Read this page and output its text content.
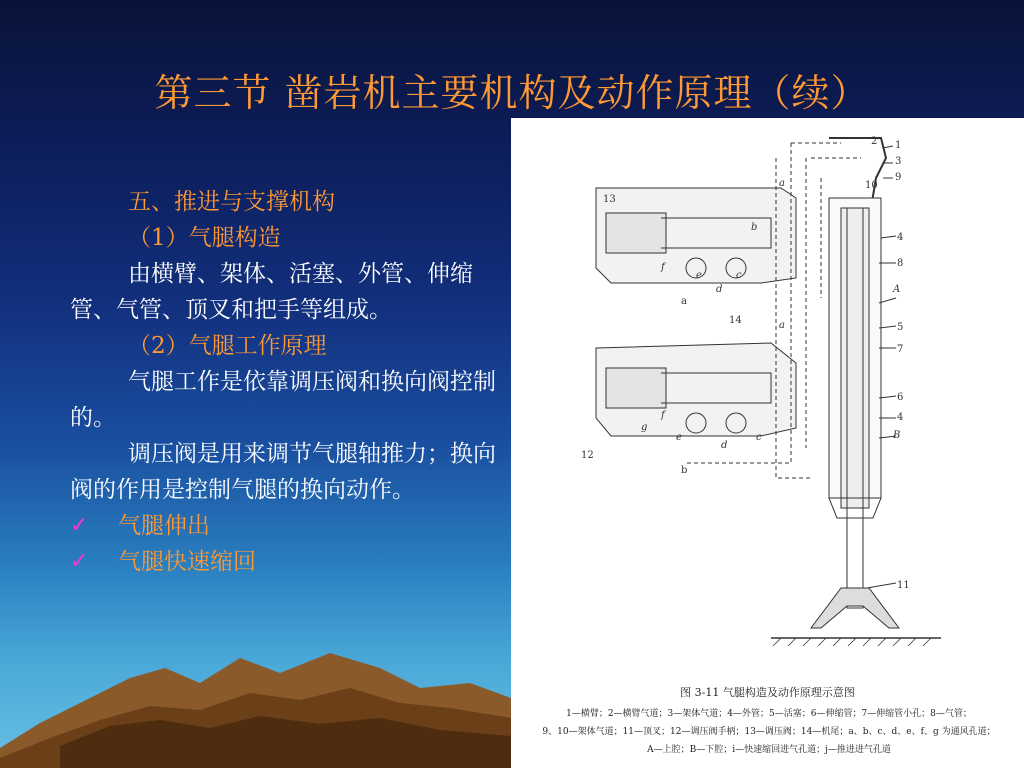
第三节 凿岩机主要机构及动作原理（续）

五、推进与支撑机构

（1）气腿构造

由横臂、架体、活塞、外管、伸缩管、气管、顶叉和把手等组成。

（2）气腿工作原理

气腿工作是依靠调压阀和换向阀控制的。

调压阀是用来调节气腿轴推力；换向阀的作用是控制气腿的换向动作。

✓	气腿伸出
✓	气腿快速缩回
1
2
3
9
10
4
8
A
5
7
6
4
B
11
13
14
12
a
b
a
b
f
e	c
d
a
g
e
d
c
f
图 3-11 气腿构造及动作原理示意图
1—横臂；2—横臂气道；3—架体气道；4—外管；5—活塞；6—伸缩管；7—伸缩管小孔；8—气管；
9、10—架体气道；11—顶叉；12—调压阀手柄；13—调压阀；14—机尾；a、b、c、d、e、f、g 为通风孔道；
A—上腔；B—下腔；i—快速缩回进气孔道；j—推进进气孔道
